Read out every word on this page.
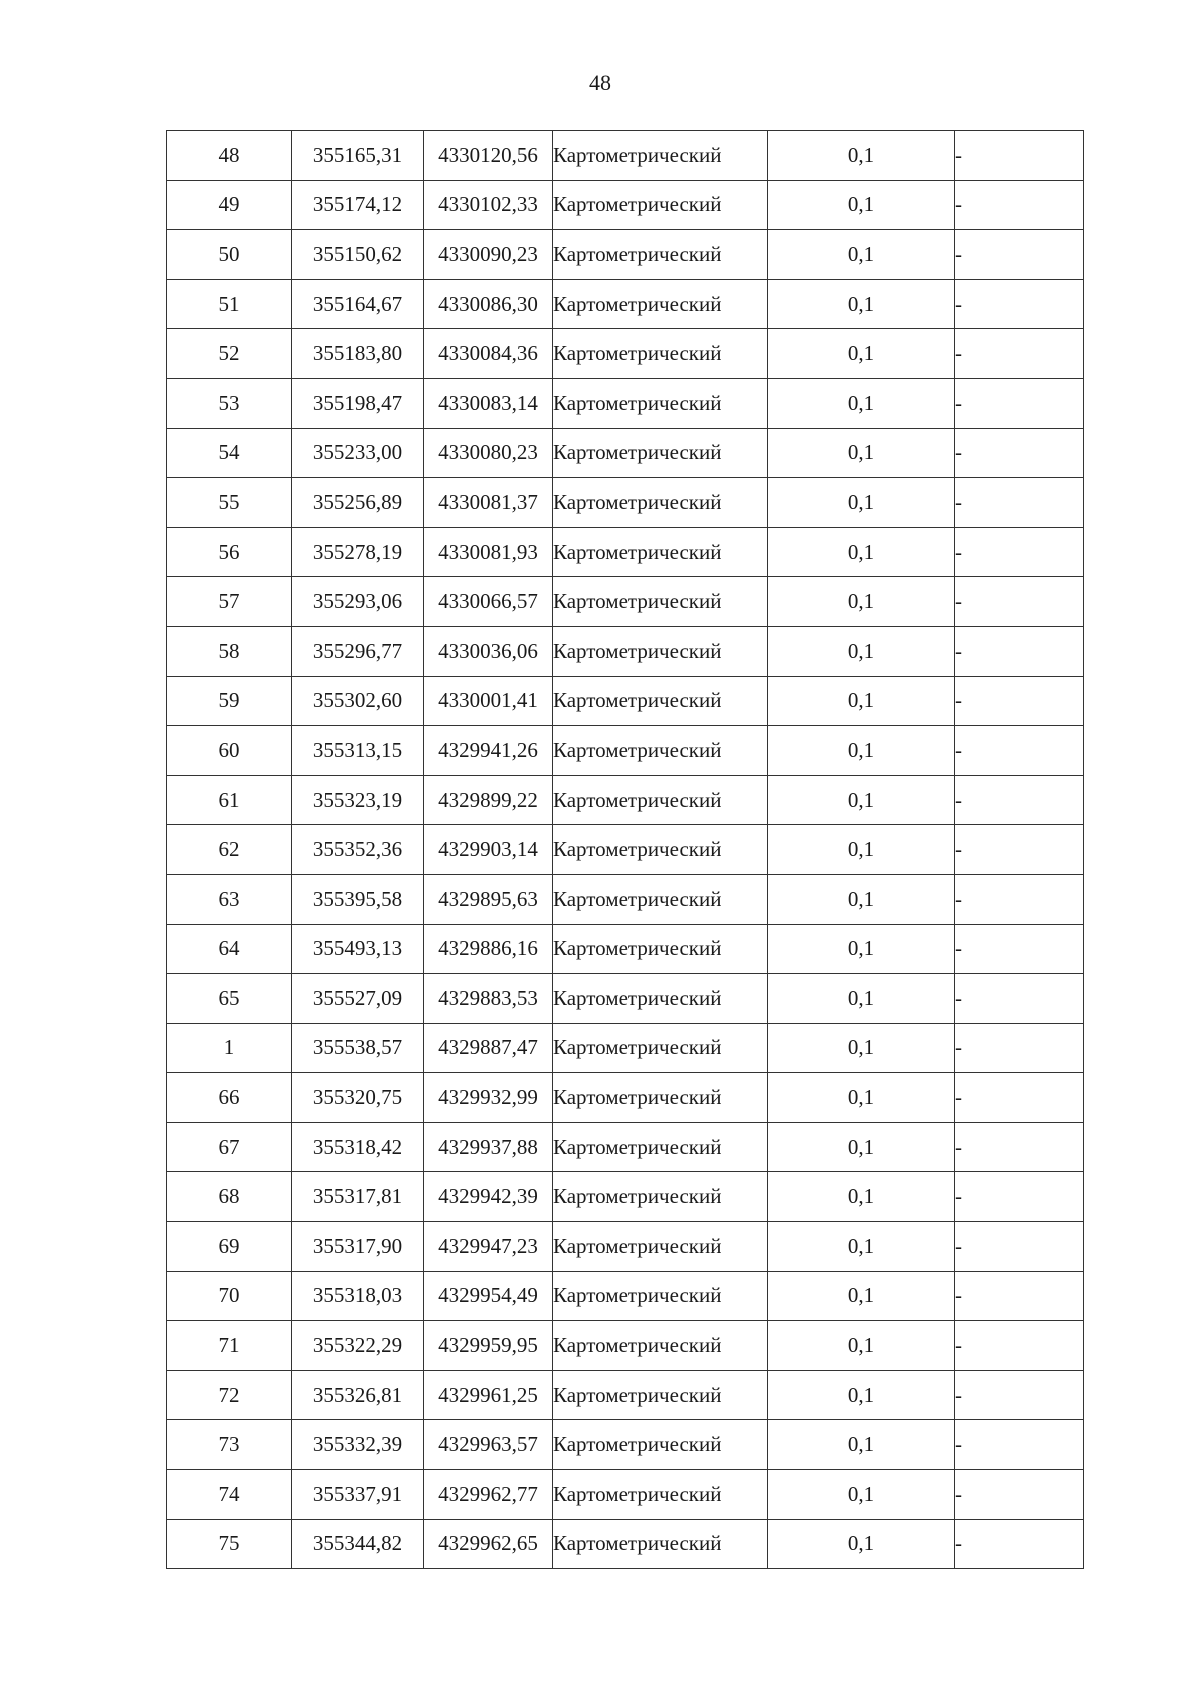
48
48	355165,31	4330120,56	Картометрический	0,1	-
49	355174,12	4330102,33	Картометрический	0,1	-
50	355150,62	4330090,23	Картометрический	0,1	-
51	355164,67	4330086,30	Картометрический	0,1	-
52	355183,80	4330084,36	Картометрический	0,1	-
53	355198,47	4330083,14	Картометрический	0,1	-
54	355233,00	4330080,23	Картометрический	0,1	-
55	355256,89	4330081,37	Картометрический	0,1	-
56	355278,19	4330081,93	Картометрический	0,1	-
57	355293,06	4330066,57	Картометрический	0,1	-
58	355296,77	4330036,06	Картометрический	0,1	-
59	355302,60	4330001,41	Картометрический	0,1	-
60	355313,15	4329941,26	Картометрический	0,1	-
61	355323,19	4329899,22	Картометрический	0,1	-
62	355352,36	4329903,14	Картометрический	0,1	-
63	355395,58	4329895,63	Картометрический	0,1	-
64	355493,13	4329886,16	Картометрический	0,1	-
65	355527,09	4329883,53	Картометрический	0,1	-
1	355538,57	4329887,47	Картометрический	0,1	-
66	355320,75	4329932,99	Картометрический	0,1	-
67	355318,42	4329937,88	Картометрический	0,1	-
68	355317,81	4329942,39	Картометрический	0,1	-
69	355317,90	4329947,23	Картометрический	0,1	-
70	355318,03	4329954,49	Картометрический	0,1	-
71	355322,29	4329959,95	Картометрический	0,1	-
72	355326,81	4329961,25	Картометрический	0,1	-
73	355332,39	4329963,57	Картометрический	0,1	-
74	355337,91	4329962,77	Картометрический	0,1	-
75	355344,82	4329962,65	Картометрический	0,1	-
